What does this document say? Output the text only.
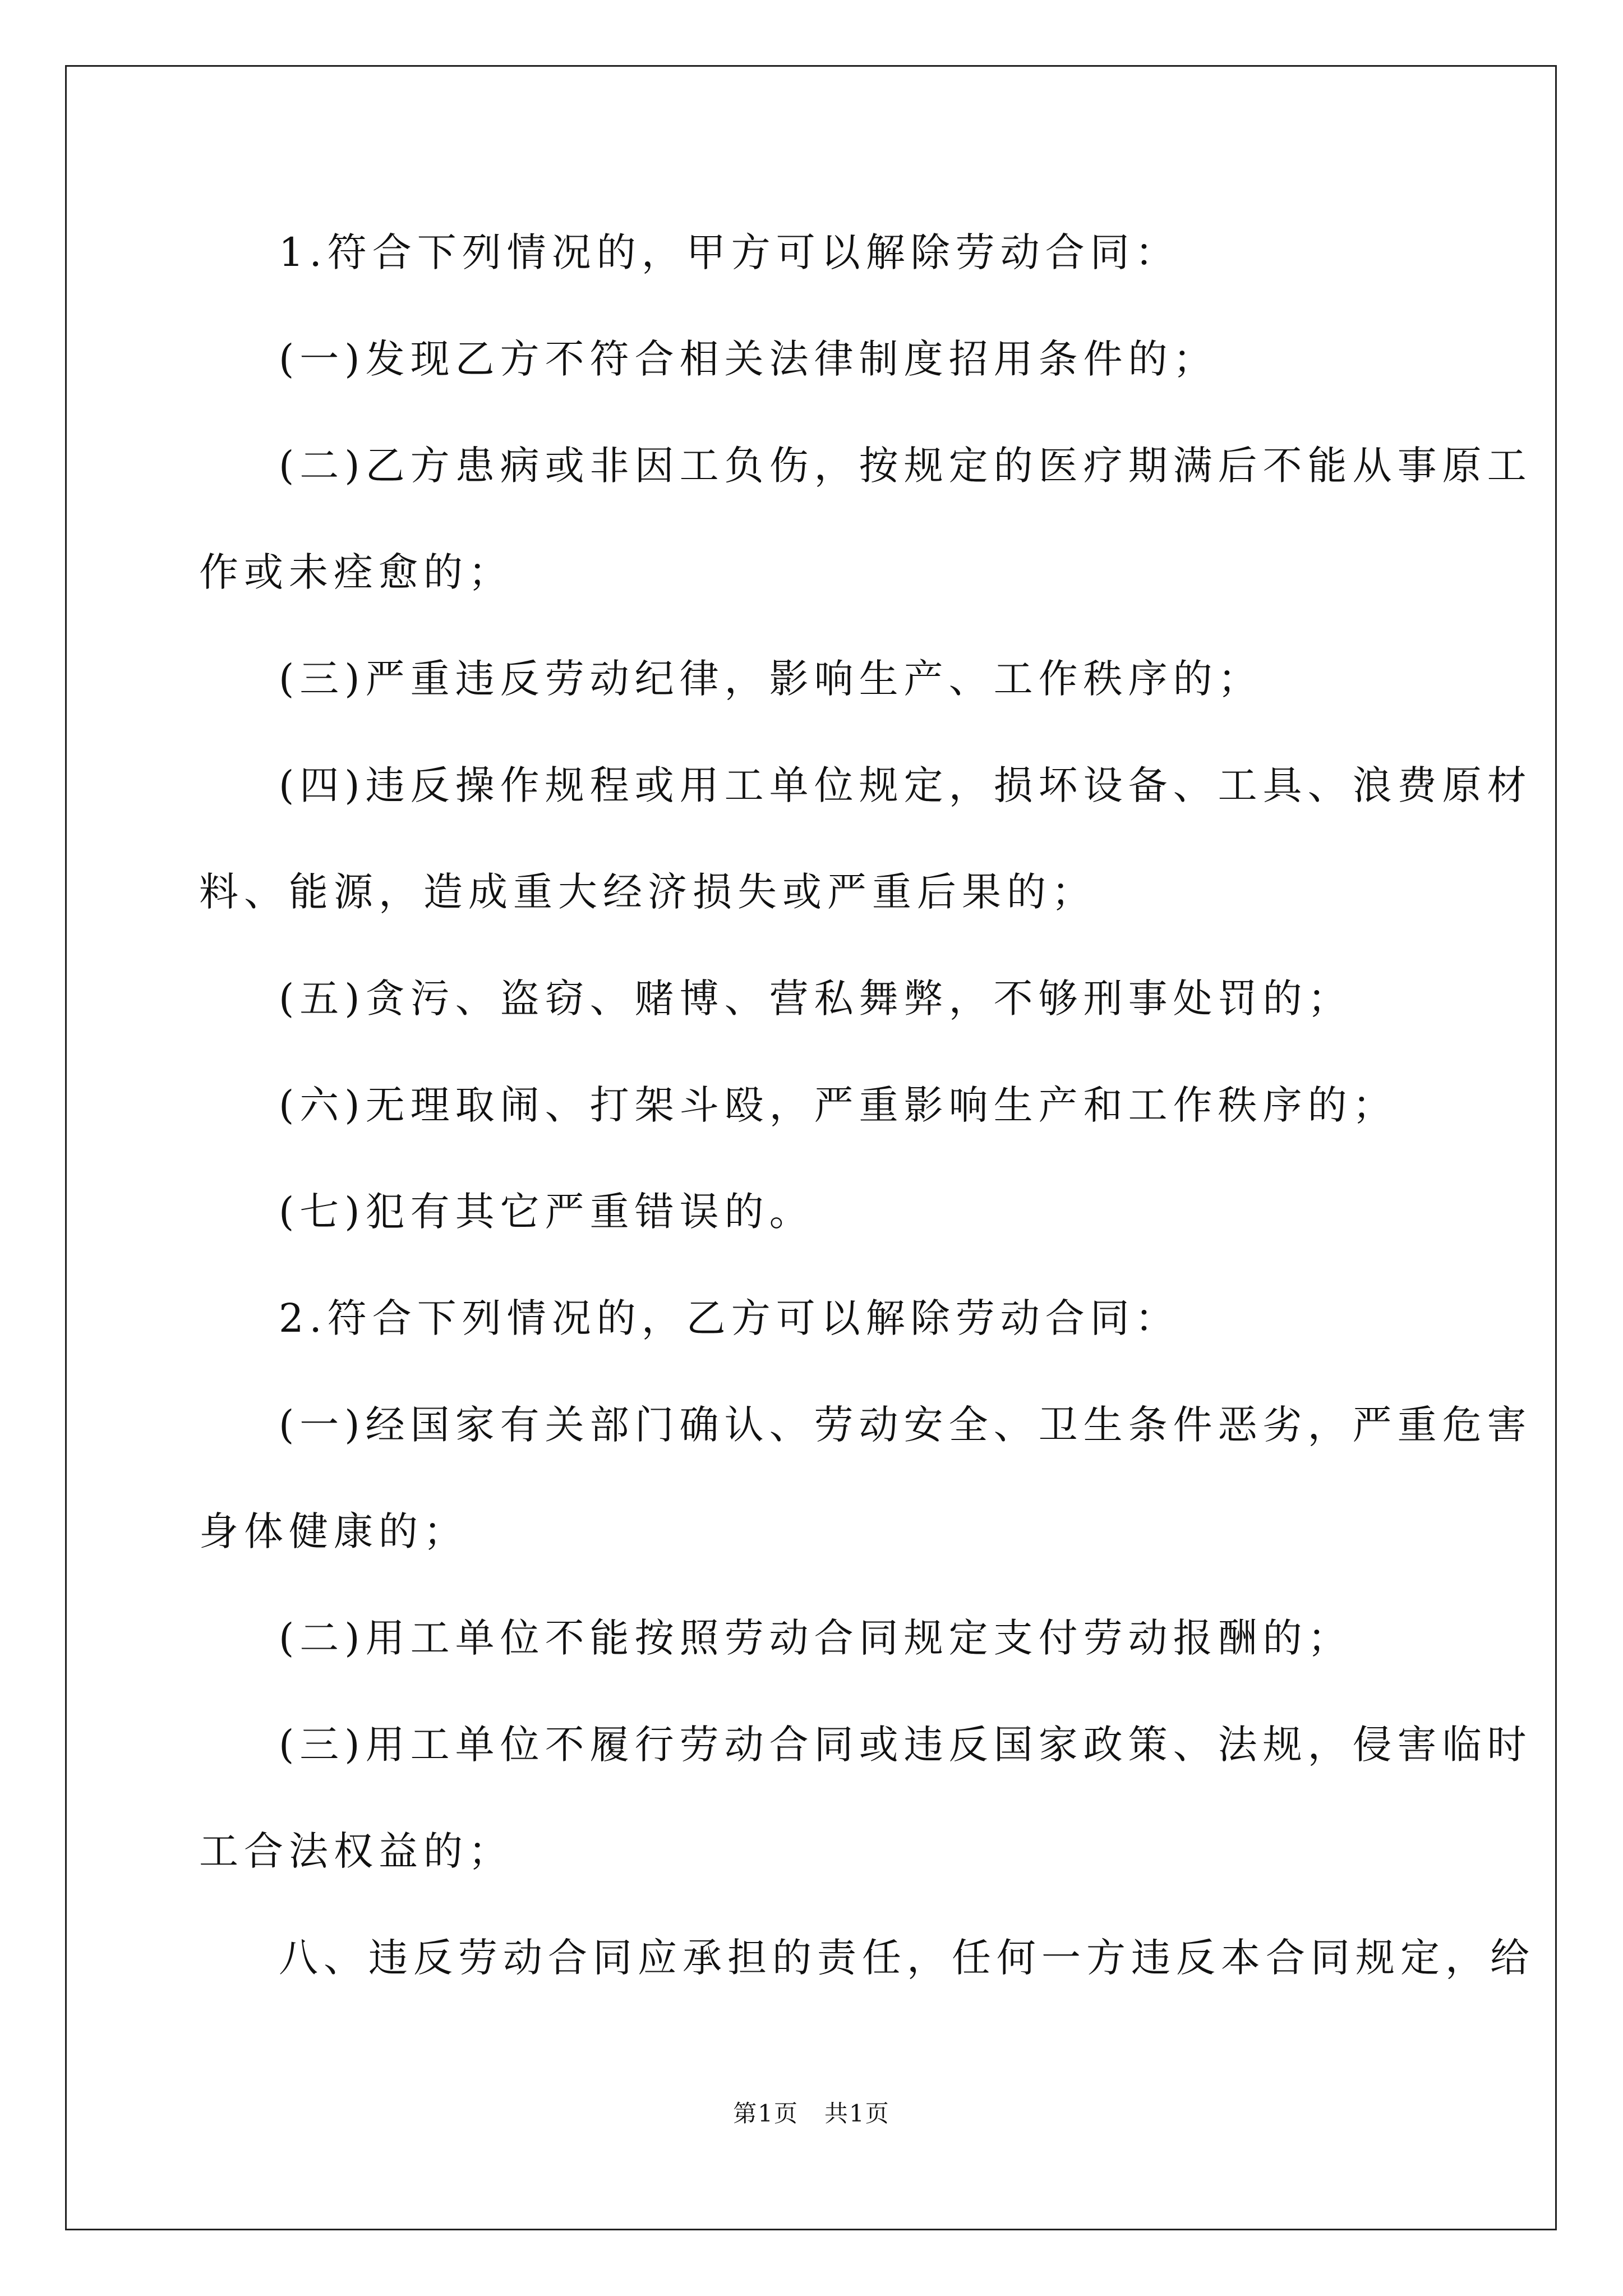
1.符合下列情况的，甲方可以解除劳动合同：
(一)发现乙方不符合相关法律制度招用条件的；
(二)乙方患病或非因工负伤，按规定的医疗期满后不能从事原工
作或未痊愈的；
(三)严重违反劳动纪律，影响生产、工作秩序的；
(四)违反操作规程或用工单位规定，损坏设备、工具、浪费原材
料、能源，造成重大经济损失或严重后果的；
(五)贪污、盗窃、赌博、营私舞弊，不够刑事处罚的；
(六)无理取闹、打架斗殴，严重影响生产和工作秩序的；
(七)犯有其它严重错误的。
2.符合下列情况的，乙方可以解除劳动合同：
(一)经国家有关部门确认、劳动安全、卫生条件恶劣，严重危害
身体健康的；
(二)用工单位不能按照劳动合同规定支付劳动报酬的；
(三)用工单位不履行劳动合同或违反国家政策、法规，侵害临时
工合法权益的；
八、违反劳动合同应承担的责任，任何一方违反本合同规定，给
第1页   共1页
